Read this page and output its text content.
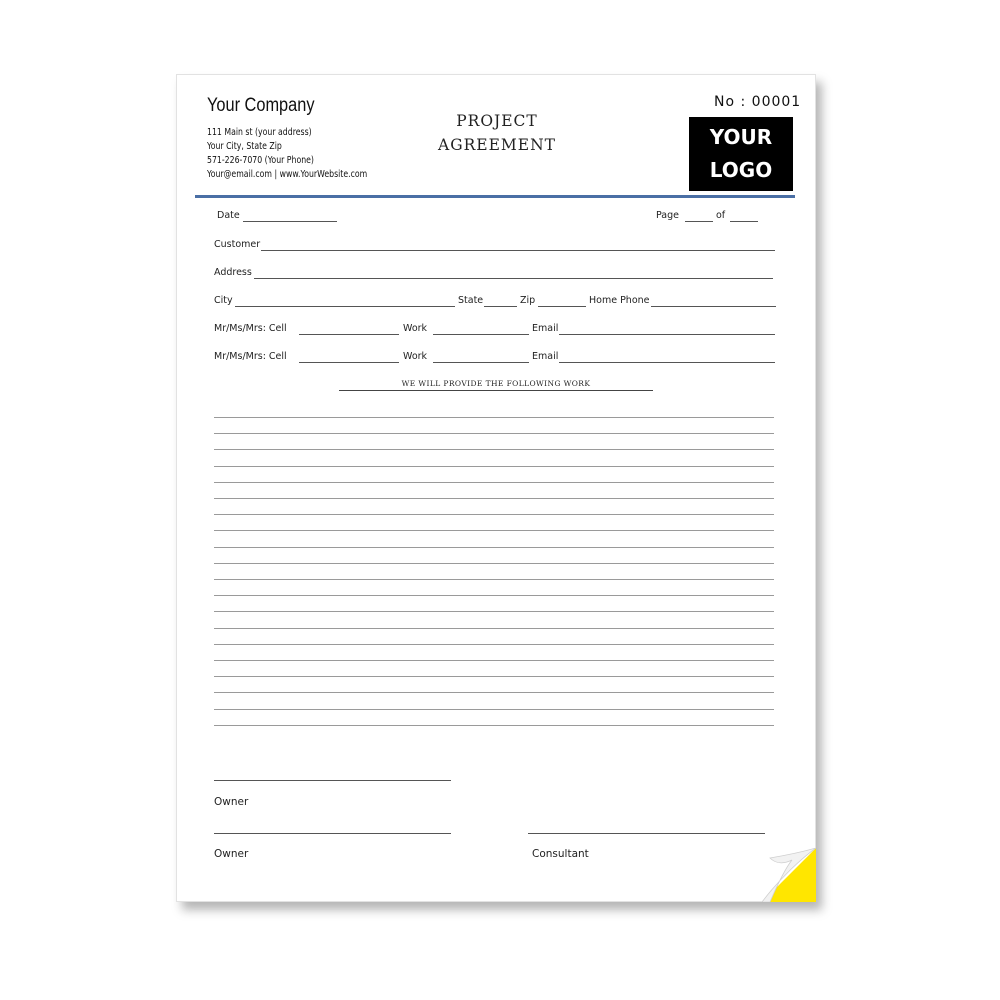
Your Company
111 Main st (your address)
Your City, State Zip
571-226-7070 (Your Phone)
Your@email.com | www.YourWebsite.com
PROJECT
AGREEMENT
No : 00001
YOUR
LOGO
Date	Page	of
Customer
Address
City	State	Zip	Home Phone
Mr/Ms/Mrs: Cell	Work	Email
Mr/Ms/Mrs: Cell	Work	Email
WE WILL PROVIDE THE FOLLOWING WORK
Owner
Owner	Consultant
